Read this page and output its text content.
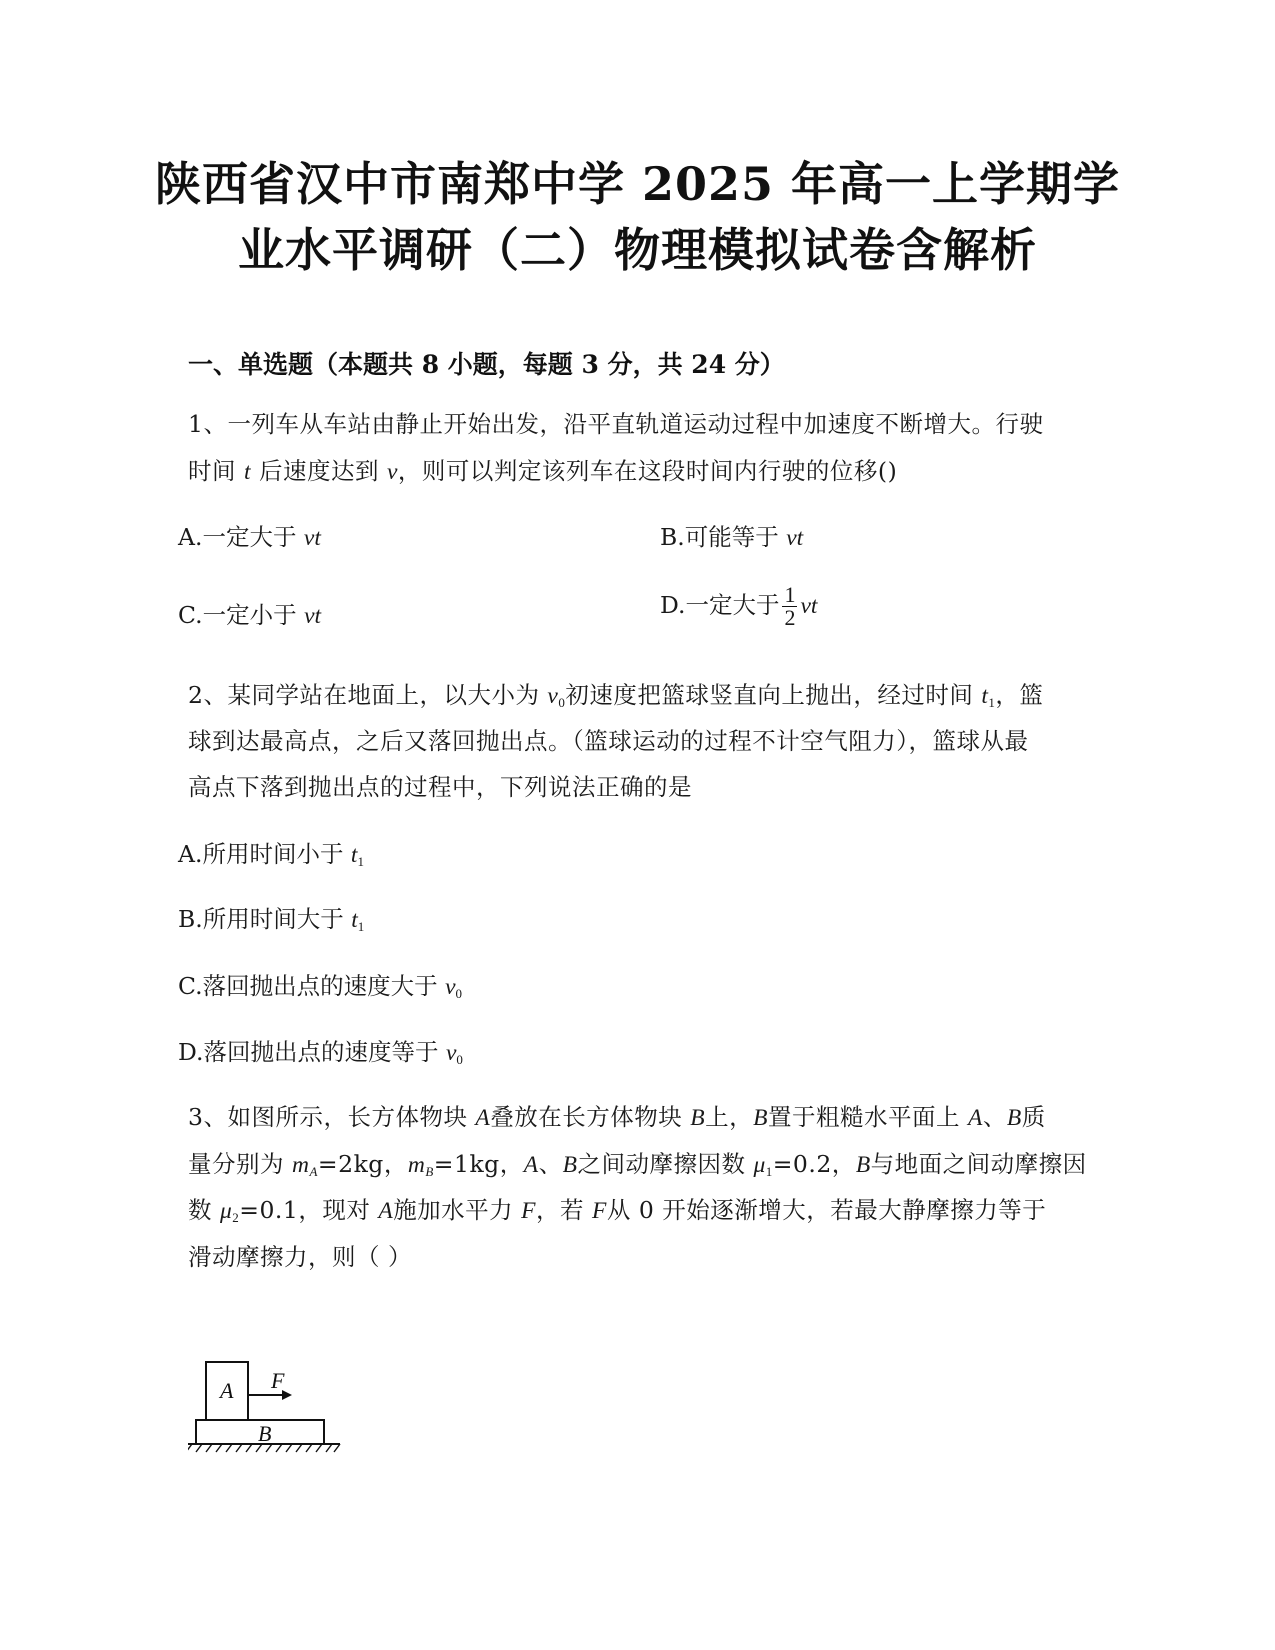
陕西省汉中市南郑中学 2025 年高一上学期学
业水平调研（二）物理模拟试卷含解析
一、单选题（本题共 8 小题，每题 3 分，共 24 分）
1、一列车从车站由静止开始出发，沿平直轨道运动过程中加速度不断增大。行驶
时间 t 后速度达到 v，则可以判定该列车在这段时间内行驶的位移()
A.一定大于 vt	B.可能等于 vt
C.一定小于 vt	D.一定大于 $\frac{1}{2}$ vt
2、某同学站在地面上，以大小为 $v_0$初速度把篮球竖直向上抛出，经过时间 $t_1$，篮
球到达最高点，之后又落回抛出点。（篮球运动的过程不计空气阻力），篮球从最
高点下落到抛出点的过程中，下列说法正确的是
A.所用时间小于 $t_1$
B.所用时间大于 $t_1$
C.落回抛出点的速度大于 $v_0$
D.落回抛出点的速度等于 $v_0$
3、如图所示，长方体物块 A叠放在长方体物块 B上，B置于粗糙水平面上 A、B质
量分别为 $m_A=2kg$，$m_B=1kg$，A、B之间动摩擦因数 $\mu_1=0.2$，B与地面之间动摩擦因
数 $\mu_2=0.1$，现对 A施加水平力 F，若 F从 0 开始逐渐增大，若最大静摩擦力等于
滑动摩擦力，则（ ）
A F
B
